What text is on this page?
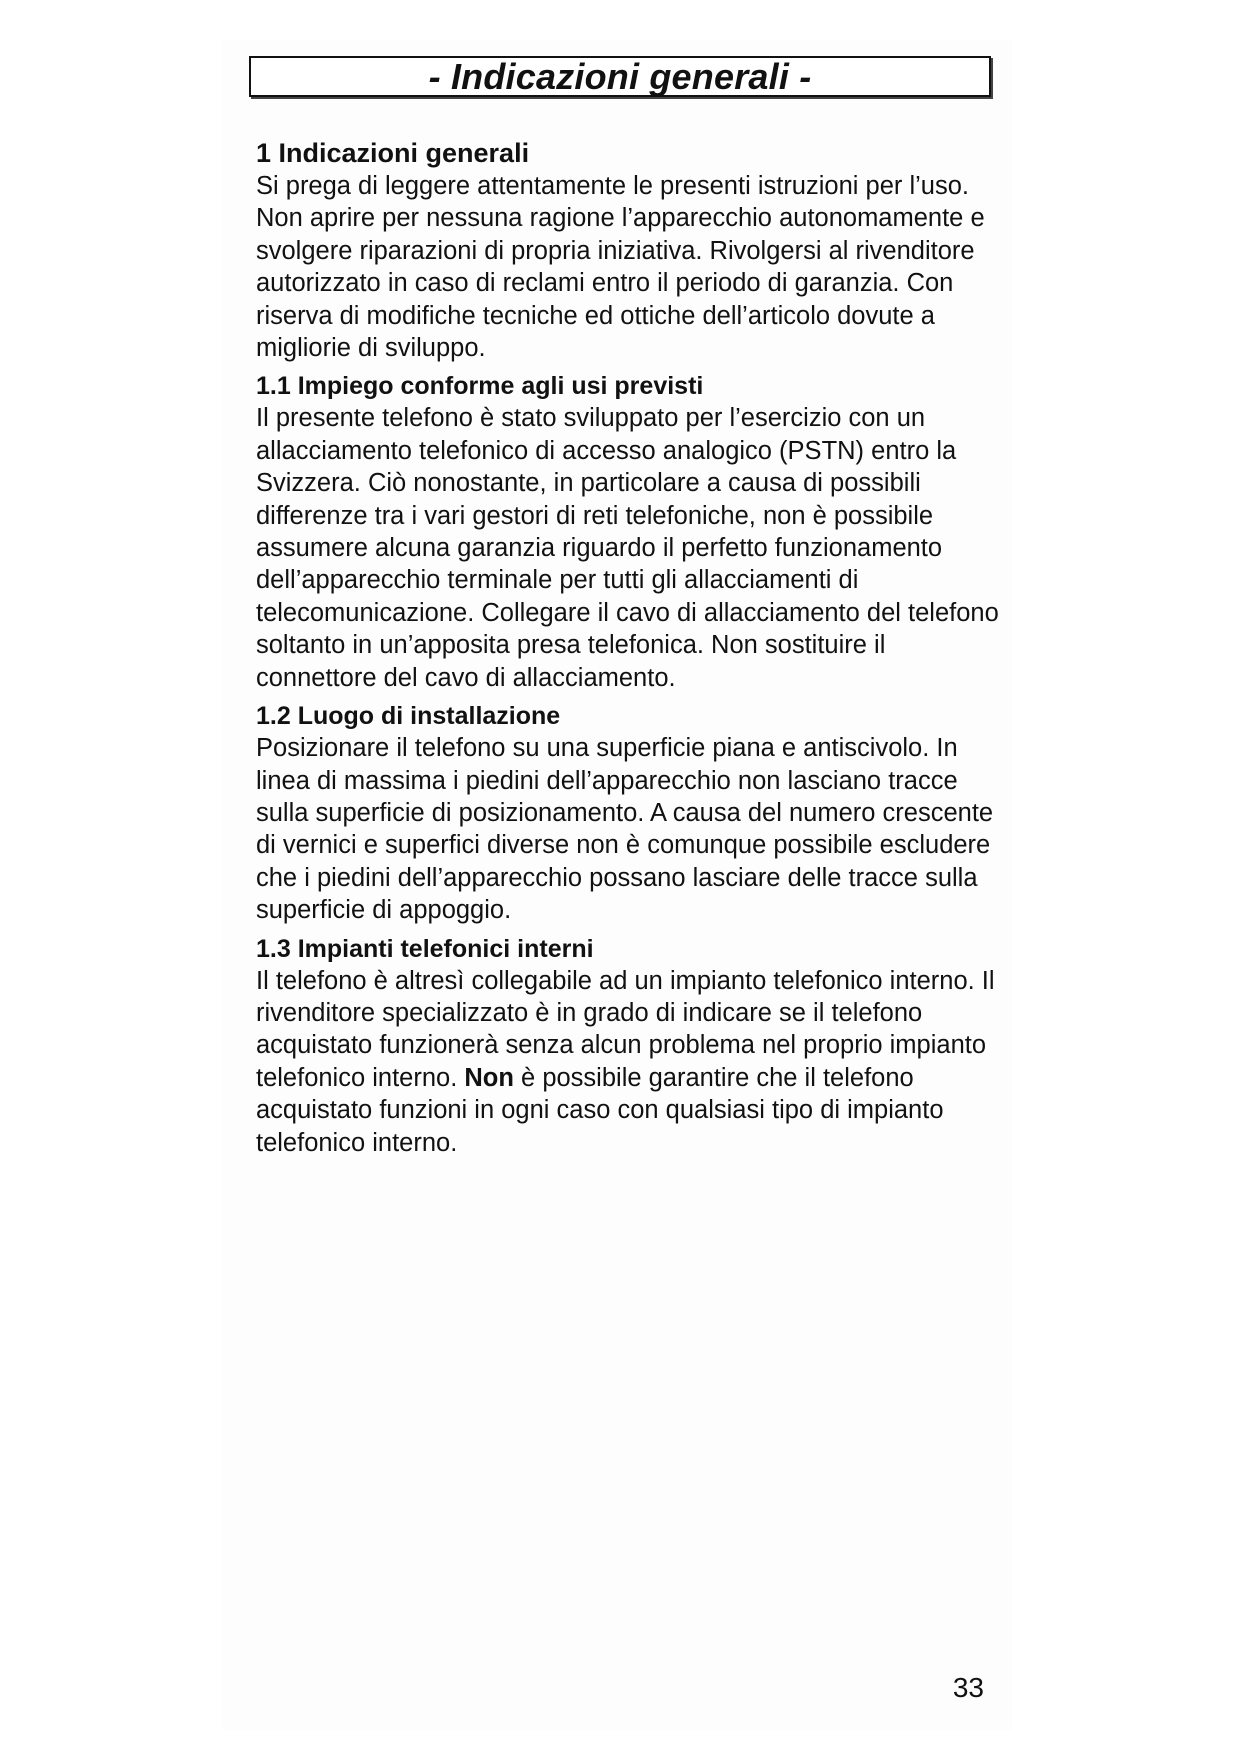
- Indicazioni generali -
1 Indicazioni generali

Si prega di leggere attentamente le presenti istruzioni per l’uso. Non aprire per nessuna ragione l’apparecchio autonomamente e svolgere riparazioni di propria iniziativa. Rivolgersi al rivenditore autorizzato in caso di reclami entro il periodo di garanzia. Con riserva di modifiche tecniche ed ottiche dell’articolo dovute a migliorie di sviluppo.

1.1 Impiego conforme agli usi previsti

Il presente telefono è stato sviluppato per l’esercizio con un allacciamento telefonico di accesso analogico (PSTN) entro la Svizzera. Ciò nonostante, in particolare a causa di possibili differenze tra i vari gestori di reti telefoniche, non è possibile assumere alcuna garanzia riguardo il perfetto funzionamento dell’apparecchio terminale per tutti gli allacciamenti di telecomunicazione. Collegare il cavo di allacciamento del telefono soltanto in un’apposita presa telefonica. Non sostituire il connettore del cavo di allacciamento.

1.2 Luogo di installazione

Posizionare il telefono su una superficie piana e antiscivolo. In linea di massima i piedini dell’apparecchio non lasciano tracce sulla superficie di posizionamento. A causa del numero crescente di vernici e superfici diverse non è comunque possibile escludere che i piedini dell’apparecchio possano lasciare delle tracce sulla superficie di appoggio.

1.3 Impianti telefonici interni

Il telefono è altresì collegabile ad un impianto telefonico interno. Il rivenditore specializzato è in grado di indicare se il telefono acquistato funzionerà senza alcun problema nel proprio impianto telefonico interno. Non è possibile garantire che il telefono acquistato funzioni in ogni caso con qualsiasi tipo di impianto telefonico interno.

33
